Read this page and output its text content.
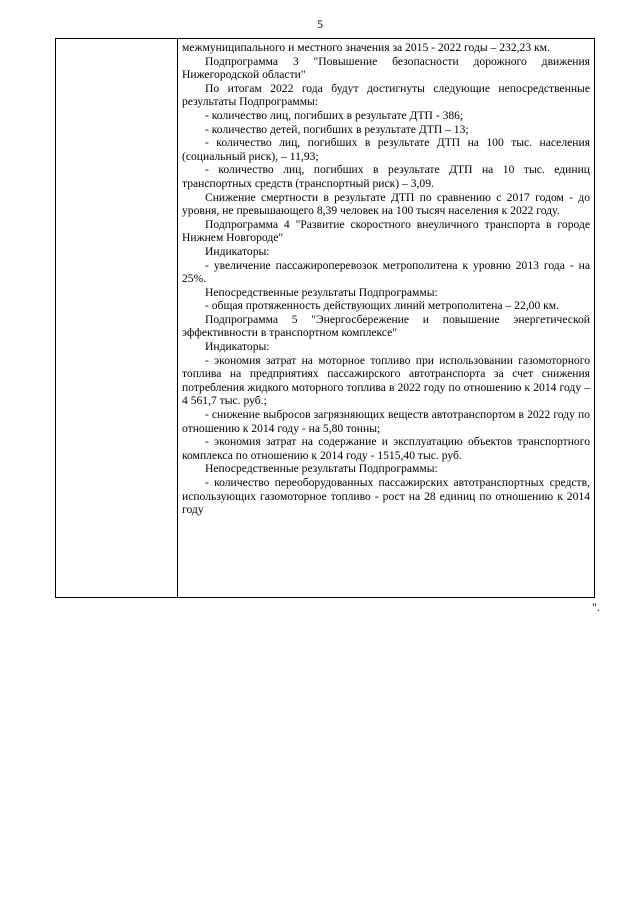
5

межмуниципального и местного значения за 2015 - 2022 годы – 232,23 км.

Подпрограмма 3 "Повышение безопасности дорожного движения Нижегородской области"

По итогам 2022 года будут достигнуты следующие непосредственные результаты Подпрограммы:

- количество лиц, погибших в результате ДТП - 386;

- количество детей, погибших в результате ДТП – 13;

- количество лиц, погибших в результате ДТП на 100 тыс. населения (социальный риск), – 11,93;

- количество лиц, погибших в результате ДТП на 10 тыс. единиц транспортных средств (транспортный риск) – 3,09.

Снижение смертности в результате ДТП по сравнению с 2017 годом - до уровня, не превышающего 8,39 человек на 100 тысяч населения к 2022 году.

Подпрограмма 4 "Развитие скоростного внеуличного транспорта в городе Нижнем Новгороде"

Индикаторы:

- увеличение пассажироперевозок метрополитена к уровню 2013 года - на 25%.

Непосредственные результаты Подпрограммы:

- общая протяженность действующих линий метрополитена – 22,00 км.

Подпрограмма 5 "Энергосбережение и повышение энергетической эффективности в транспортном комплексе"

Индикаторы:

- экономия затрат на моторное топливо при использовании газомоторного топлива на предприятиях пассажирского автотранспорта за счет снижения потребления жидкого моторного топлива в 2022 году по отношению к 2014 году – 4 561,7 тыс. руб.;

- снижение выбросов загрязняющих веществ автотранспортом в 2022 году по отношению к 2014 году - на 5,80 тонны;

- экономия затрат на содержание и эксплуатацию объектов транспортного комплекса по отношению к 2014 году - 1515,40 тыс. руб.

Непосредственные результаты Подпрограммы:

- количество переоборудованных пассажирских автотранспортных средств, использующих газомоторное топливо - рост на 28 единиц по отношению к 2014 году

".
